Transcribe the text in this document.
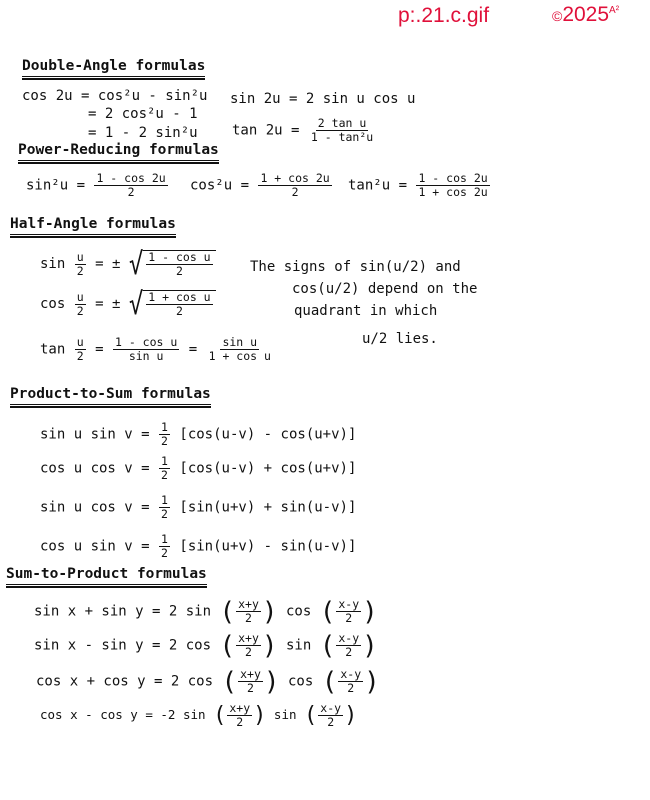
p:.21.c.gif	$©2025^{A^2}$
Double-Angle formulas
cos 2u = cos²u - sin²u
= 2 cos²u - 1
= 1 - 2 sin²u
sin 2u = 2 sin u cos u
$\tan 2u = \frac{\text{2 tan u}}{\text{1 - tan²u}}$
Power-Reducing formulas
$\sin^2u = \frac{1 - \cos 2u}{2} \cos^2u = \frac{1 + \cos 2u}{2} \tan^2u = \frac{1 - \cos 2u}{1 + \cos 2u}$
Half-Angle formulas
$\sin \frac{u}{2}$ = ± √ $\frac{\text{1 - cos u}}{2}$
$\cos \frac{u}{2}$ = ± √ $\frac{\text{1 + cos u}}{2}$
$\tan \frac{u}{2} = \frac{\text{1 - cos u}}{\text{sin u}} = \frac{\text{sin u}}{\text{1 + cos u}}$
The signs of sin(u/2) and
cos(u/2) depend on the
quadrant in which
u/2 lies.
Product-to-Sum formulas
sin u $\sin v = \frac{1}{2} [\cos(u-v) - \cos(u+v)]$
cos u $\cos v = \frac{1}{2} [\cos(u-v) + \cos(u+v)]$
sin u $\cos v = \frac{1}{2} [\sin(u+v) + \sin(u-v)]$
cos u $\sin v = \frac{1}{2} [\sin(u+v) - \sin(u-v)]$
Sum-to-Product formulas
sin x + sin y = 2 sin ( $\frac{x+y}{2}$ ) cos ( $\frac{x-y}{2}$ )
sin x - sin y = 2 cos ( $\frac{x+y}{2}$ ) sin ( $\frac{x-y}{2}$ )
cos x + cos y = 2 cos ( $\frac{x+y}{2}$ ) cos ( $\frac{x-y}{2}$ )
cos x - cos y = -2 sin ( $\frac{x+y}{2}$ ) sin ( $\frac{x-y}{2}$ )
